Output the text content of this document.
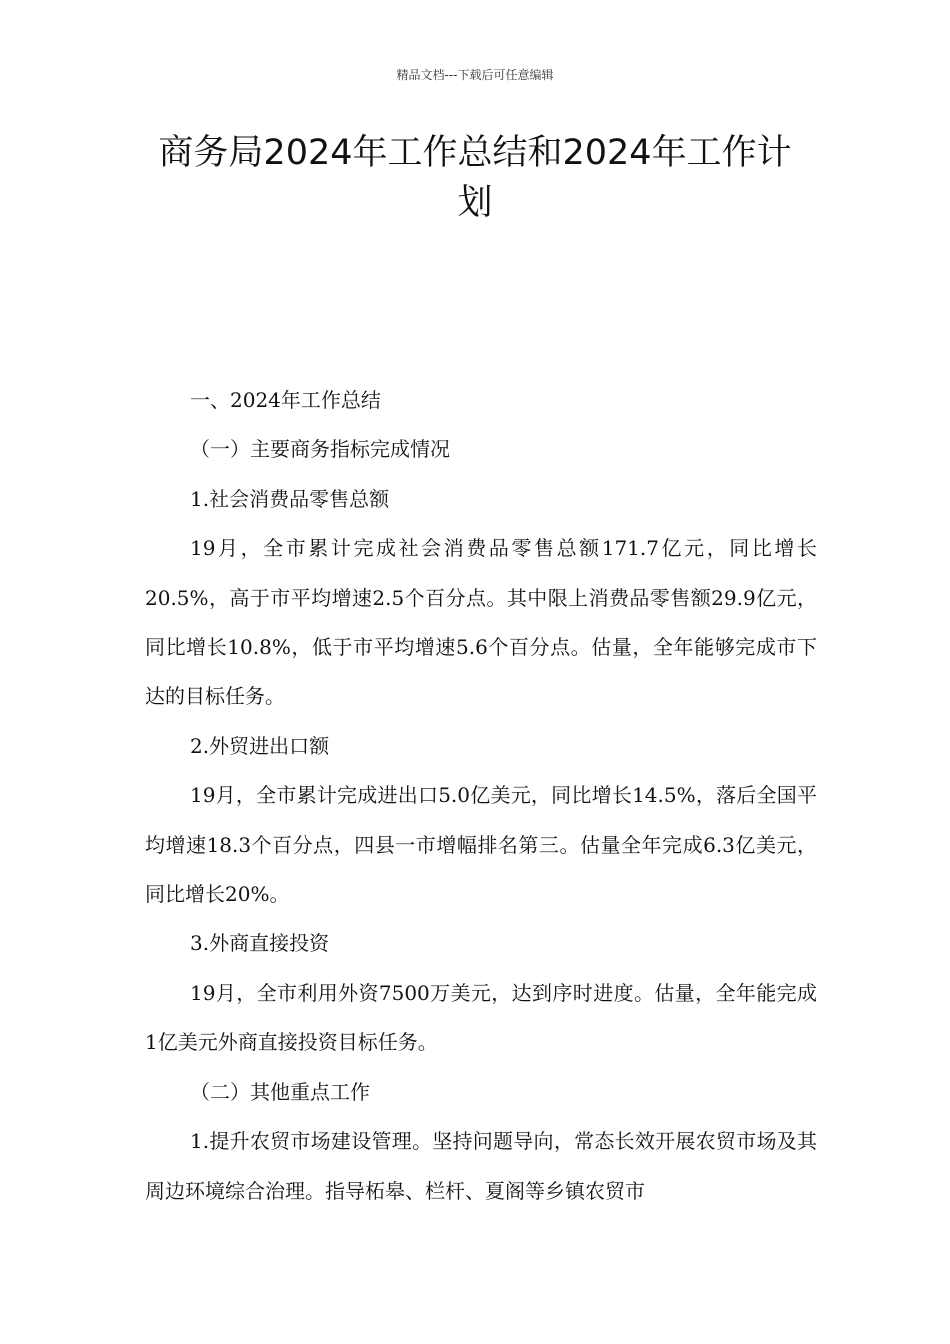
精品文档---下载后可任意编辑
商务局2024年工作总结和2024年工作计划

一、2024年工作总结

（一）主要商务指标完成情况

1.社会消费品零售总额

19月，全市累计完成社会消费品零售总额171.7亿元，同比增长20.5%，高于市平均增速2.5个百分点。其中限上消费品零售额29.9亿元，同比增长10.8%，低于市平均增速5.6个百分点。估量，全年能够完成市下达的目标任务。

2.外贸进出口额

19月，全市累计完成进出口5.0亿美元，同比增长14.5%，落后全国平均增速18.3个百分点，四县一市增幅排名第三。估量全年完成6.3亿美元，同比增长20%。

3.外商直接投资

19月，全市利用外资7500万美元，达到序时进度。估量，全年能完成1亿美元外商直接投资目标任务。

（二）其他重点工作

1.提升农贸市场建设管理。坚持问题导向，常态长效开展农贸市场及其周边环境综合治理。指导柘皋、栏杆、夏阁等乡镇农贸市
